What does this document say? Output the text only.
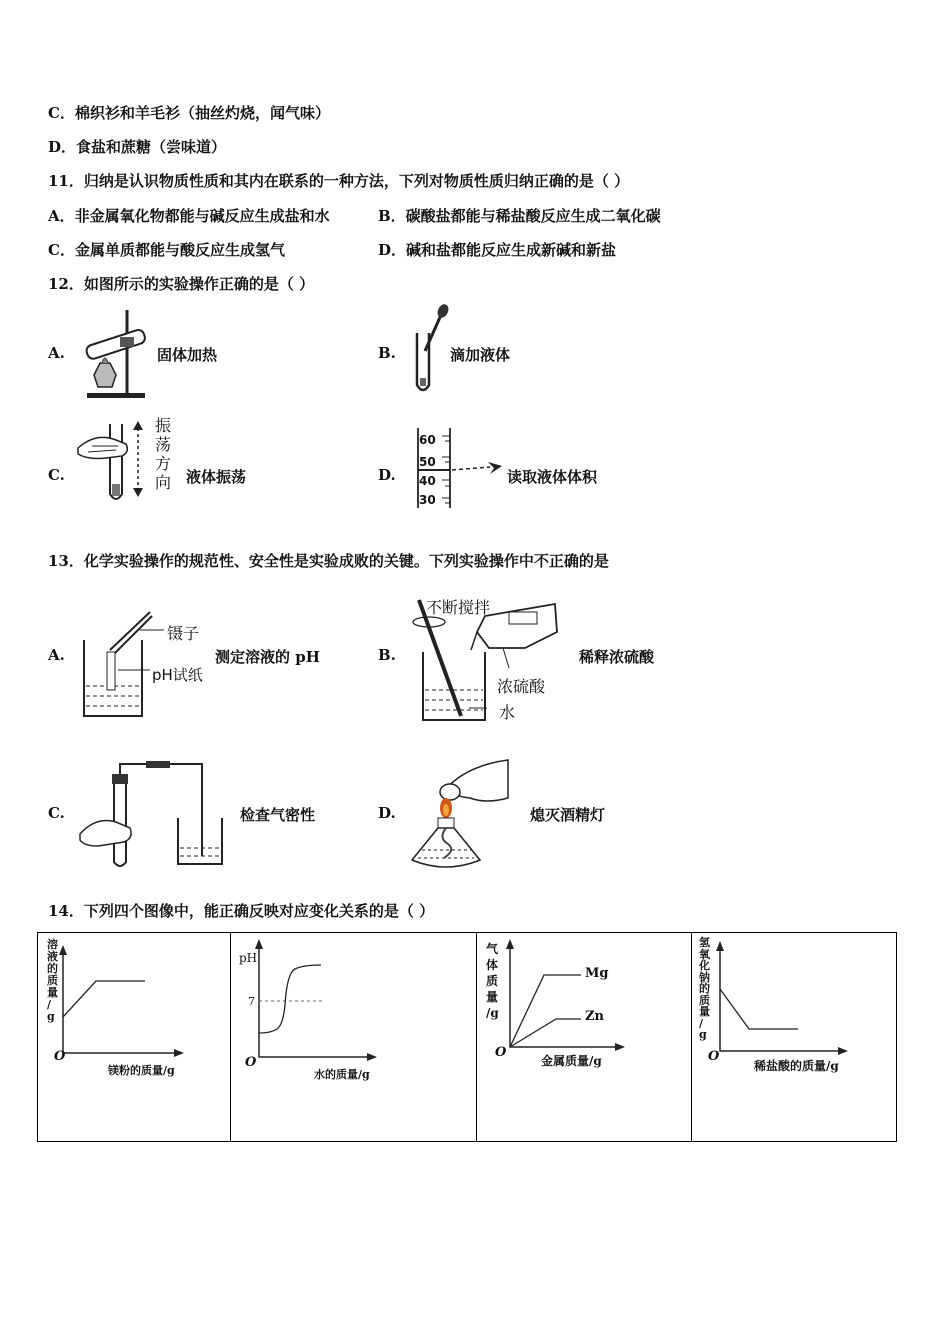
C．棉织衫和羊毛衫（抽丝灼烧，闻气味）
D．食盐和蔗糖（尝味道）
11．归纳是认识物质性质和其内在联系的一种方法，下列对物质性质归纳正确的是（ ）
A．非金属氧化物都能与碱反应生成盐和水	B．碳酸盐都能与稀盐酸反应生成二氧化碳
C．金属单质都能与酸反应生成氢气	D．碱和盐都能反应生成新碱和新盐
12．如图所示的实验操作正确的是（ ）
A.	固体加热	B.	滴加液体
C.
振
荡
方
向 液体振荡	D.
60
50
40
30
读取液体体积
13．化学实验操作的规范性、安全性是实验成败的关键。下列实验操作中不正确的是
A.
镊子
pH试纸
测定溶液的 pH	B.
不断搅拌
浓硫酸
水
稀释浓硫酸
C.	检查气密性	D.	熄灭酒精灯
14．下列四个图像中，能正确反映对应变化关系的是（ ）
溶
液
的
质
量
/
g
O
镁粉的质量/g
pH
7
O
水的质量/g
气
体
质
量
/g
Mg
Zn
O
金属质量/g
氢
氧
化
钠
的
质
量
/
g
O
稀盐酸的质量/g
